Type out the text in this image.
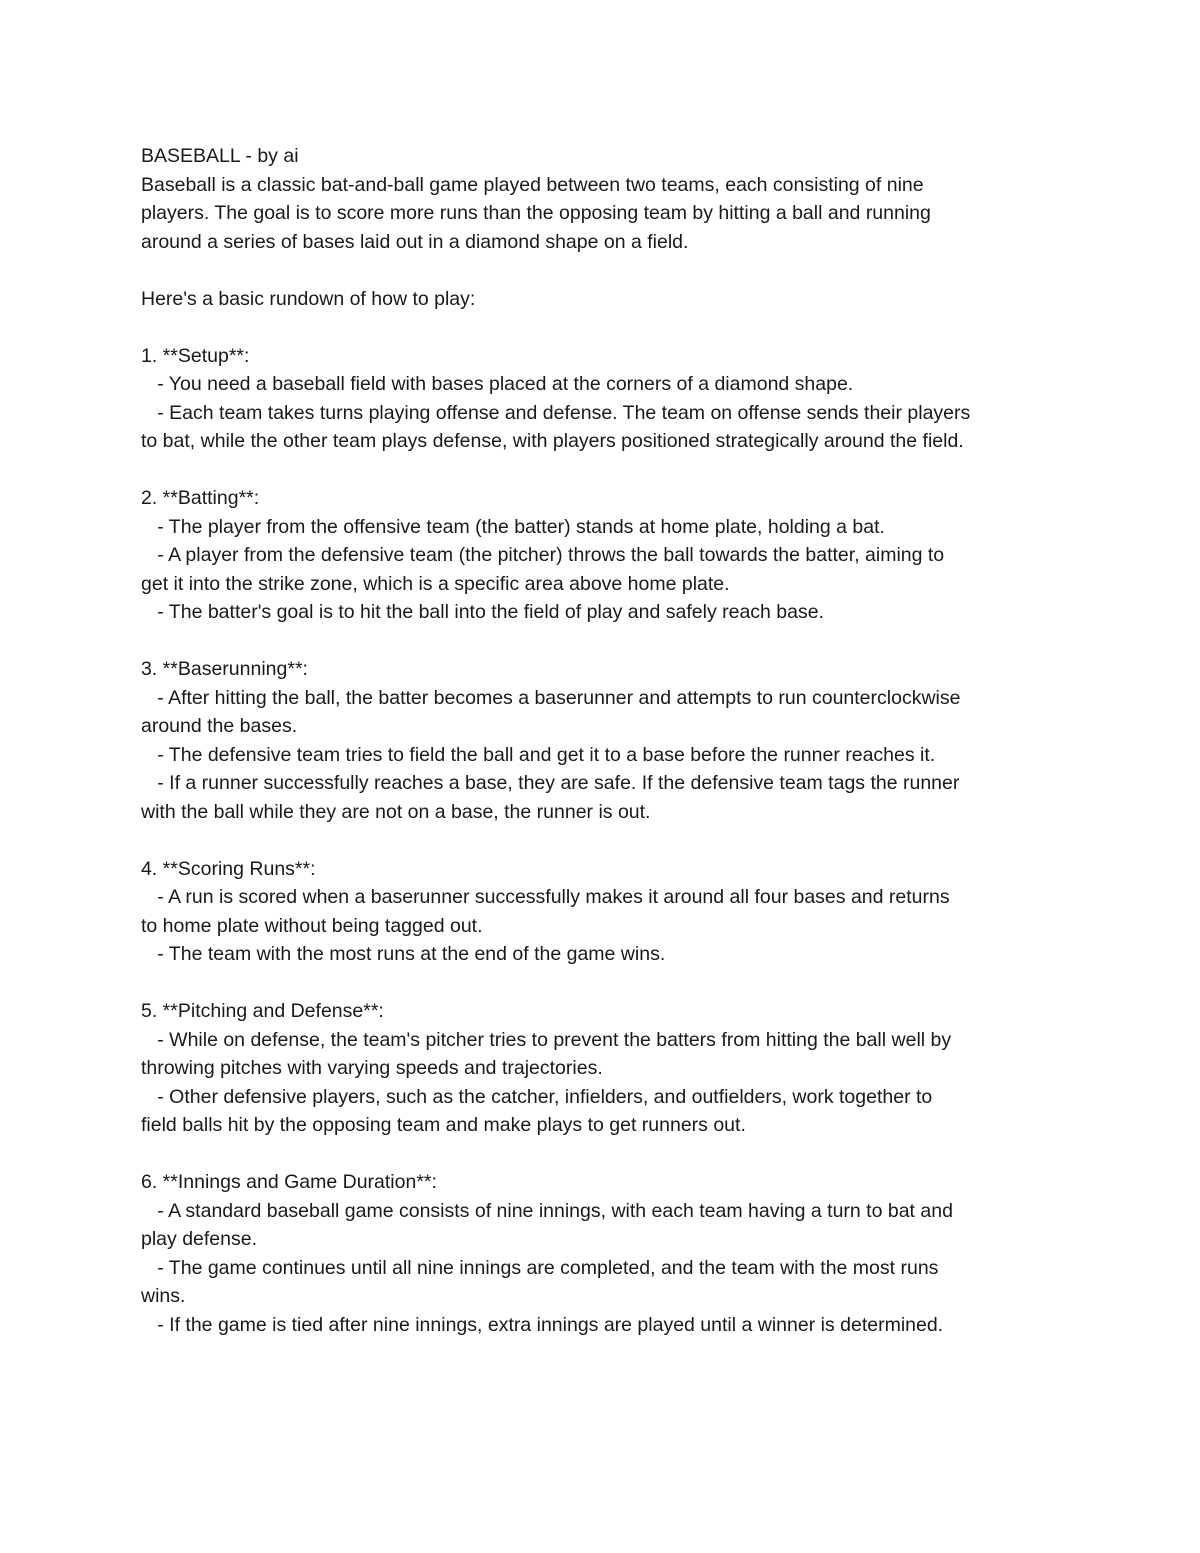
BASEBALL - by ai
Baseball is a classic bat-and-ball game played between two teams, each consisting of nine
players. The goal is to score more runs than the opposing team by hitting a ball and running
around a series of bases laid out in a diamond shape on a field.
Here's a basic rundown of how to play:
1. **Setup**:
- You need a baseball field with bases placed at the corners of a diamond shape.
- Each team takes turns playing offense and defense. The team on offense sends their players
to bat, while the other team plays defense, with players positioned strategically around the field.
2. **Batting**:
- The player from the offensive team (the batter) stands at home plate, holding a bat.
- A player from the defensive team (the pitcher) throws the ball towards the batter, aiming to
get it into the strike zone, which is a specific area above home plate.
- The batter's goal is to hit the ball into the field of play and safely reach base.
3. **Baserunning**:
- After hitting the ball, the batter becomes a baserunner and attempts to run counterclockwise
around the bases.
- The defensive team tries to field the ball and get it to a base before the runner reaches it.
- If a runner successfully reaches a base, they are safe. If the defensive team tags the runner
with the ball while they are not on a base, the runner is out.
4. **Scoring Runs**:
- A run is scored when a baserunner successfully makes it around all four bases and returns
to home plate without being tagged out.
- The team with the most runs at the end of the game wins.
5. **Pitching and Defense**:
- While on defense, the team's pitcher tries to prevent the batters from hitting the ball well by
throwing pitches with varying speeds and trajectories.
- Other defensive players, such as the catcher, infielders, and outfielders, work together to
field balls hit by the opposing team and make plays to get runners out.
6. **Innings and Game Duration**:
- A standard baseball game consists of nine innings, with each team having a turn to bat and
play defense.
- The game continues until all nine innings are completed, and the team with the most runs
wins.
- If the game is tied after nine innings, extra innings are played until a winner is determined.
